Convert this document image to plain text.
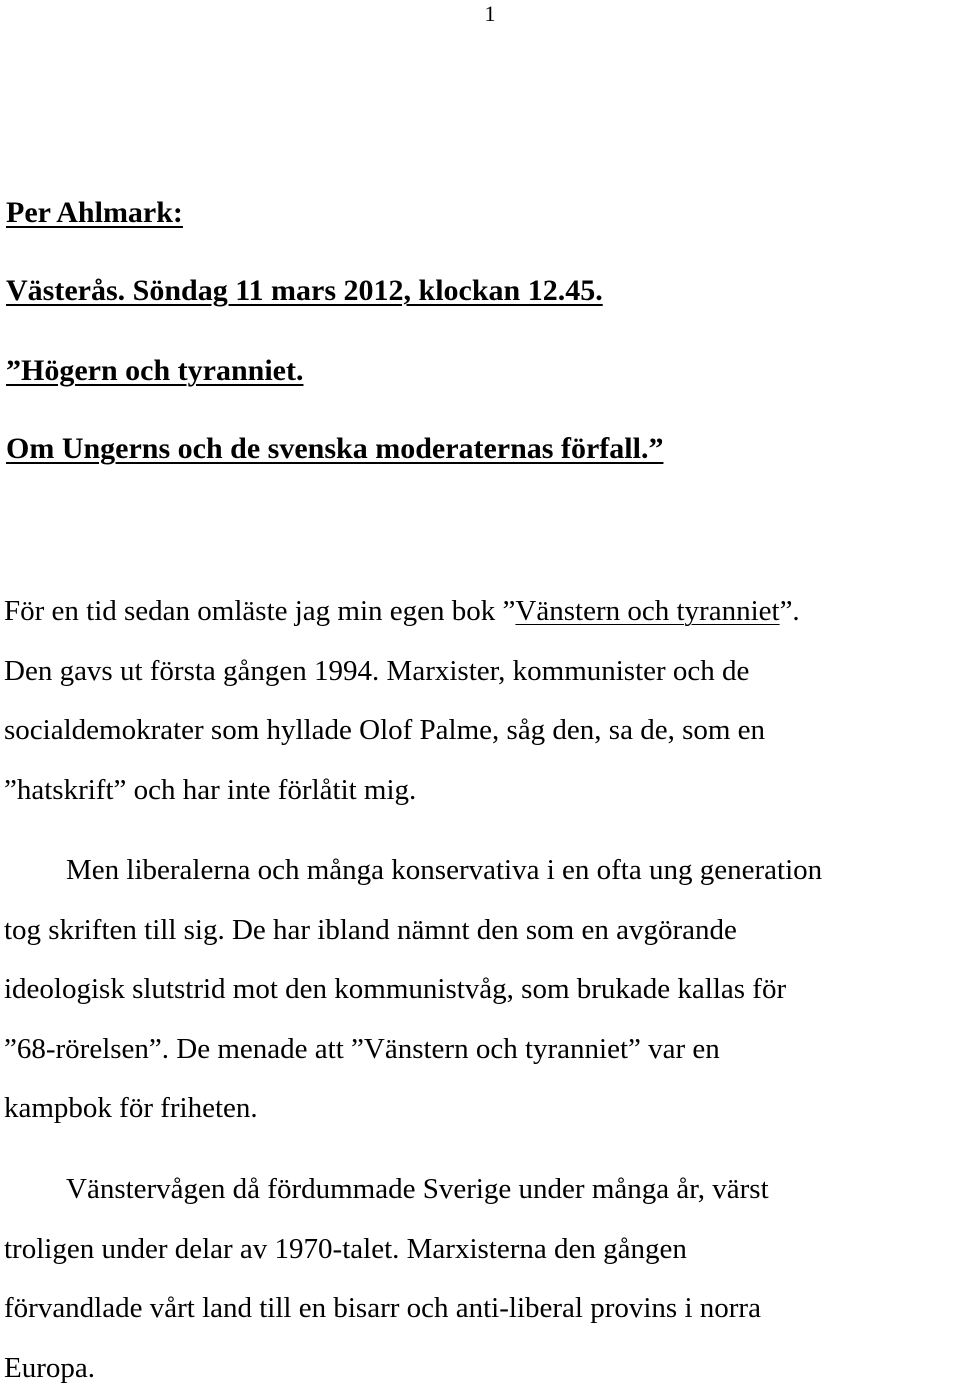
1
Per Ahlmark:
Västerås. Söndag 11 mars 2012, klockan 12.45.
”Högern och tyranniet.
Om Ungerns och de svenska moderaternas förfall.”
För en tid sedan omläste jag min egen bok ”Vänstern och tyranniet”.
Den gavs ut första gången 1994. Marxister, kommunister och de
socialdemokrater som hyllade Olof Palme, såg den, sa de, som en
”hatskrift” och har inte förlåtit mig.
Men liberalerna och många konservativa i en ofta ung generation
tog skriften till sig. De har ibland nämnt den som en avgörande
ideologisk slutstrid mot den kommunistvåg, som brukade kallas för
”68-rörelsen”. De menade att ”Vänstern och tyranniet” var en
kampbok för friheten.
Vänstervågen då fördummade Sverige under många år, värst
troligen under delar av 1970-talet. Marxisterna den gången
förvandlade vårt land till en bisarr och anti-liberal provins i norra
Europa.
